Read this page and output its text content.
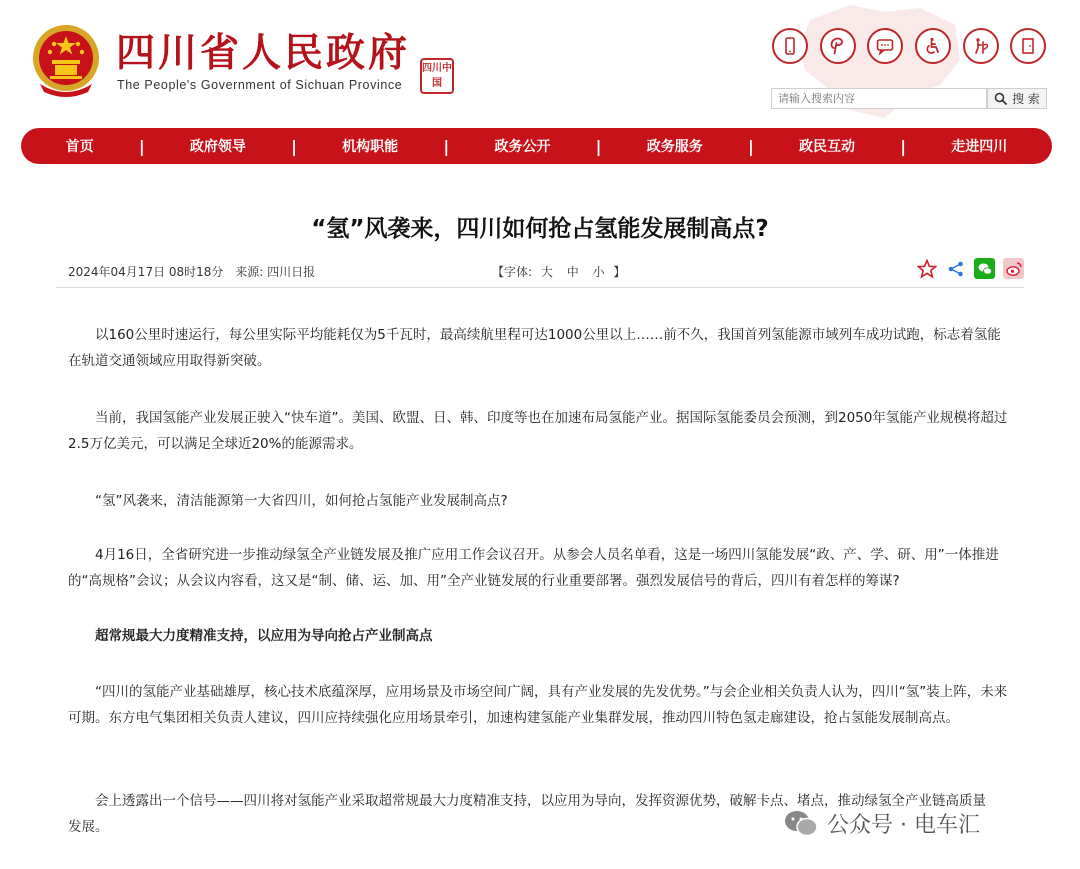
四川省人民政府
The People's Government of Sichuan Province
四川中国
请输入搜索内容
搜 索
首页	|	政府领导	|	机构职能	|	政务公开	|	政务服务	|	政民互动	|	走进四川
“氢”风袭来，四川如何抢占氢能发展制高点?
2024年04月17日 08时18分 来源: 四川日报	【字体: 大 中 小 】

以160公里时速运行，每公里实际平均能耗仅为5千瓦时，最高续航里程可达1000公里以上……前不久，我国首列氢能源市域列车成功试跑，标志着氢能在轨道交通领域应用取得新突破。

当前，我国氢能产业发展正驶入“快车道”。美国、欧盟、日、韩、印度等也在加速布局氢能产业。据国际氢能委员会预测，到2050年氢能产业规模将超过2.5万亿美元，可以满足全球近20%的能源需求。

“氢”风袭来，清洁能源第一大省四川，如何抢占氢能产业发展制高点?

4月16日，全省研究进一步推动绿氢全产业链发展及推广应用工作会议召开。从参会人员名单看，这是一场四川氢能发展“政、产、学、研、用”一体推进的“高规格”会议；从会议内容看，这又是“制、储、运、加、用”全产业链发展的行业重要部署。强烈发展信号的背后，四川有着怎样的筹谋?

超常规最大力度精准支持，以应用为导向抢占产业制高点

“四川的氢能产业基础雄厚，核心技术底蕴深厚，应用场景及市场空间广阔，具有产业发展的先发优势。”与会企业相关负责人认为，四川“氢”装上阵，未来可期。东方电气集团相关负责人建议，四川应持续强化应用场景牵引，加速构建氢能产业集群发展，推动四川特色氢走廊建设，抢占氢能发展制高点。

会上透露出一个信号——四川将对氢能产业采取超常规最大力度精准支持，以应用为导向，发挥资源优势，破解卡点、堵点，推动绿氢全产业链高质量发展。	公众号 · 电车汇
